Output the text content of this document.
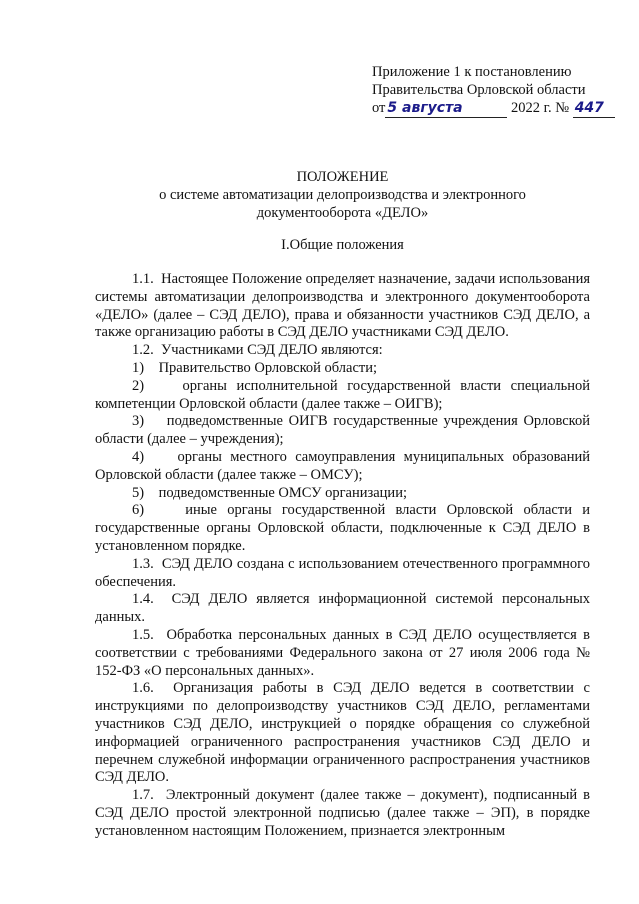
Приложение 1 к постановлению
Правительства Орловской области
от 5 августа	2022 г. № 447
ПОЛОЖЕНИЕ
о системе автоматизации делопроизводства и электронного
документооборота «ДЕЛО»
I.Общие положения

1.1.  Настоящее Положение определяет назначение, задачи использования системы автоматизации делопроизводства и электронного документооборота «ДЕЛО» (далее – СЭД ДЕЛО), права и обязанности участников СЭД ДЕЛО, а также организацию работы в СЭД ДЕЛО участниками СЭД ДЕЛО.

1.2.  Участниками СЭД ДЕЛО являются:

1)    Правительство Орловской области;

2)    органы исполнительной государственной власти специальной компетенции Орловской области (далее также – ОИГВ);

3)    подведомственные ОИГВ государственные учреждения Орловской области (далее – учреждения);

4)    органы местного самоуправления муниципальных образований Орловской области (далее также – ОМСУ);

5)    подведомственные ОМСУ организации;

6)    иные органы государственной власти Орловской области и государственные органы Орловской области, подключенные к СЭД ДЕЛО в установленном порядке.

1.3.  СЭД ДЕЛО создана с использованием отечественного программного обеспечения.

1.4.  СЭД ДЕЛО является информационной системой персональных данных.

1.5.  Обработка персональных данных в СЭД ДЕЛО осуществляется в соответствии с требованиями Федерального закона от 27 июля 2006 года № 152-ФЗ «О персональных данных».

1.6.  Организация работы в СЭД ДЕЛО ведется в соответствии с инструкциями по делопроизводству участников СЭД ДЕЛО, регламентами участников СЭД ДЕЛО, инструкцией о порядке обращения со служебной информацией ограниченного распространения участников СЭД ДЕЛО и перечнем служебной информации ограниченного распространения участников СЭД ДЕЛО.

1.7.  Электронный документ (далее также – документ), подписанный в СЭД ДЕЛО простой электронной подписью (далее также – ЭП), в порядке установленном настоящим Положением, признается электронным
